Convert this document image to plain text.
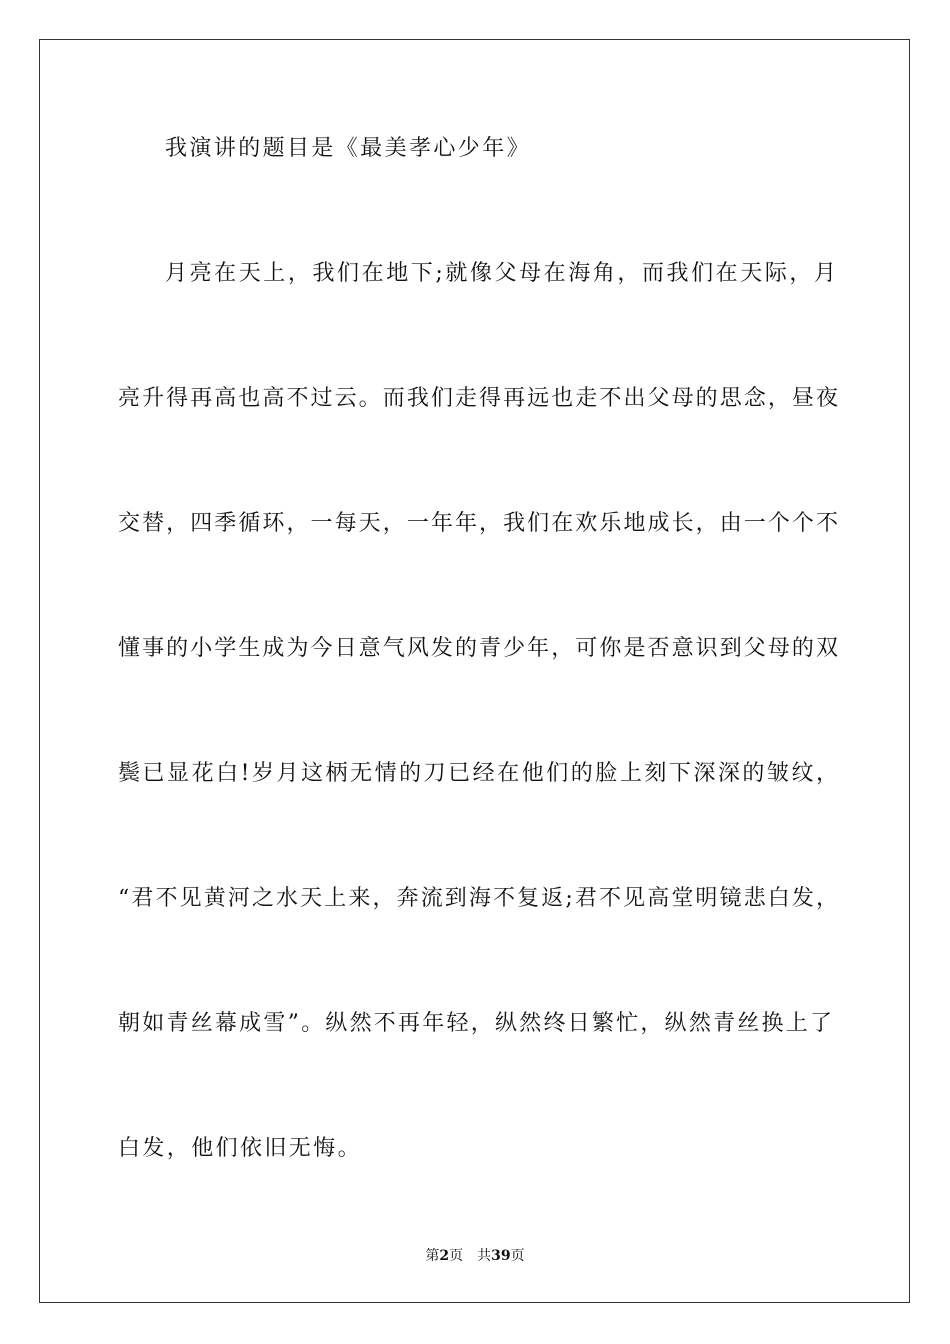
我演讲的题目是《最美孝心少年》
月亮在天上，我们在地下;就像父母在海角，而我们在天际，月
亮升得再高也高不过云。而我们走得再远也走不出父母的思念，昼夜
交替，四季循环，一每天，一年年，我们在欢乐地成长，由一个个不
懂事的小学生成为今日意气风发的青少年，可你是否意识到父母的双
鬓已显花白!岁月这柄无情的刀已经在他们的脸上刻下深深的皱纹，
“君不见黄河之水天上来，奔流到海不复返;君不见高堂明镜悲白发，
朝如青丝幕成雪”。纵然不再年轻，纵然终日繁忙，纵然青丝换上了
白发，他们依旧无悔。
第2页 共39页
